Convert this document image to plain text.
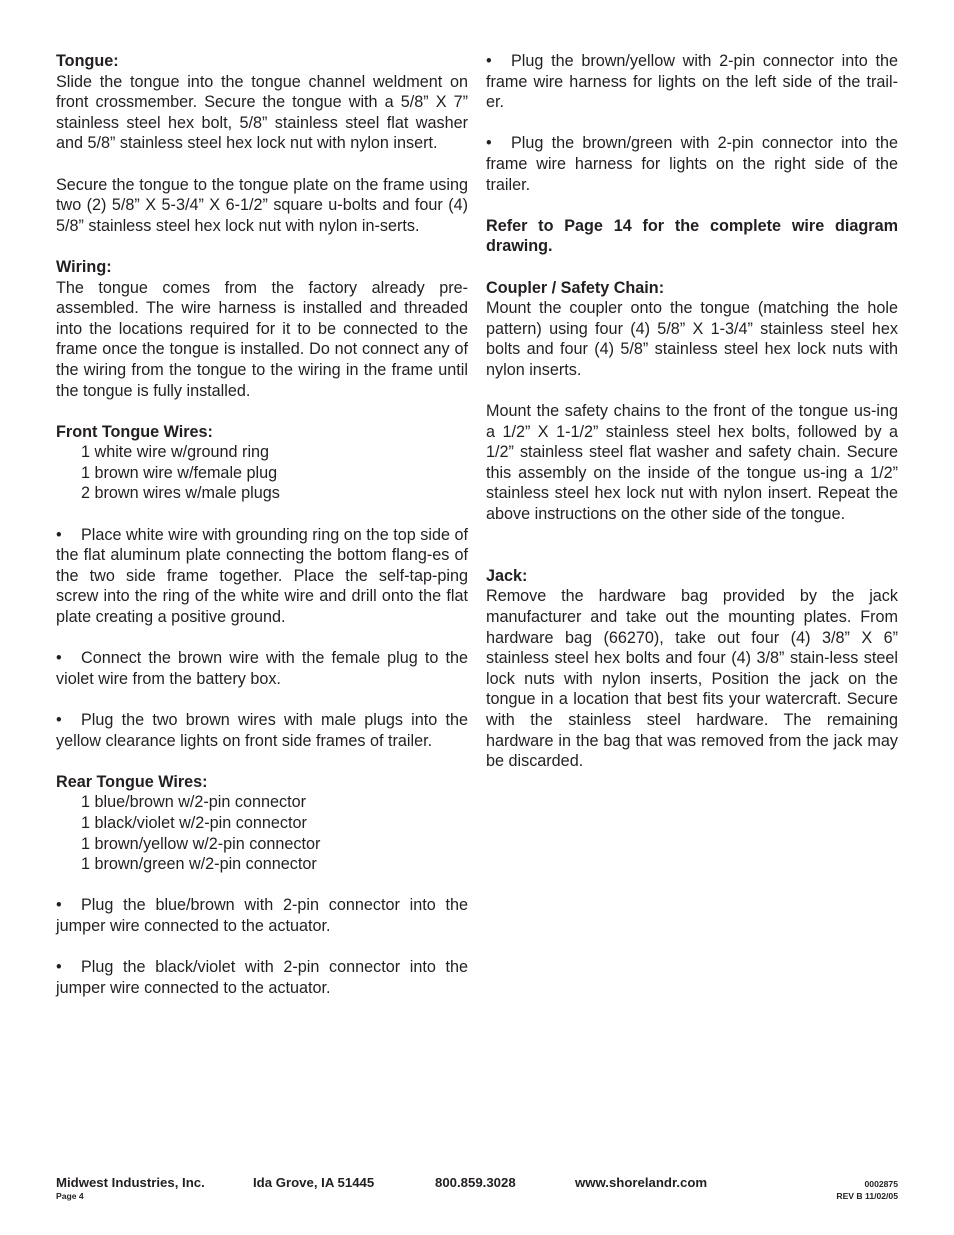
Tongue:

Slide the tongue into the tongue channel weldment on front crossmember. Secure the tongue with a 5/8” X 7” stainless steel hex bolt, 5/8” stainless steel flat washer and 5/8” stainless steel hex lock nut with nylon insert.

Secure the tongue to the tongue plate on the frame using two (2) 5/8” X 5-3/4” X 6-1/2” square u-bolts and four (4) 5/8” stainless steel hex lock nut with nylon in-serts.

Wiring:

The tongue comes from the factory already pre-assembled. The wire harness is installed and threaded into the locations required for it to be connected to the frame once the tongue is installed. Do not connect any of the wiring from the tongue to the wiring in the frame until the tongue is fully installed.

Front Tongue Wires:

1 white wire w/ground ring

1 brown wire w/female plug

2 brown wires w/male plugs

• Place white wire with grounding ring on the top side of the flat aluminum plate connecting the bottom flang-es of the two side frame together. Place the self-tap-ping screw into the ring of the white wire and drill onto the flat plate creating a positive ground.

• Connect the brown wire with the female plug to the violet wire from the battery box.

• Plug the two brown wires with male plugs into the yellow clearance lights on front side frames of trailer.

Rear Tongue Wires:

1 blue/brown w/2-pin connector

1 black/violet w/2-pin connector

1 brown/yellow w/2-pin connector

1 brown/green w/2-pin connector

• Plug the blue/brown with 2-pin connector into the jumper wire connected to the actuator.

• Plug the black/violet with 2-pin connector into the jumper wire connected to the actuator.

• Plug the brown/yellow with 2-pin connector into the frame wire harness for lights on the left side of the trail-er.

• Plug the brown/green with 2-pin connector into the frame wire harness for lights on the right side of the trailer.

Refer to Page 14 for the complete wire diagram drawing.

Coupler / Safety Chain:

Mount the coupler onto the tongue (matching the hole pattern) using four (4) 5/8” X 1-3/4” stainless steel hex bolts and four (4) 5/8” stainless steel hex lock nuts with nylon inserts.

Mount the safety chains to the front of the tongue us-ing a 1/2” X 1-1/2” stainless steel hex bolts, followed by a 1/2” stainless steel flat washer and safety chain. Secure this assembly on the inside of the tongue us-ing a 1/2” stainless steel hex lock nut with nylon insert. Repeat the above instructions on the other side of the tongue.

Jack:

Remove the hardware bag provided by the jack manufacturer and take out the mounting plates. From hardware bag (66270), take out four (4) 3/8” X 6” stainless steel hex bolts and four (4) 3/8” stain-less steel lock nuts with nylon inserts, Position the jack on the tongue in a location that best fits your watercraft. Secure with the stainless steel hardware. The remaining hardware in the bag that was removed from the jack may be discarded.

Midwest Industries, Inc.	Ida Grove, IA 51445	800.859.3028	www.shorelandr.com
Page 4
0002875
REV B 11/02/05
